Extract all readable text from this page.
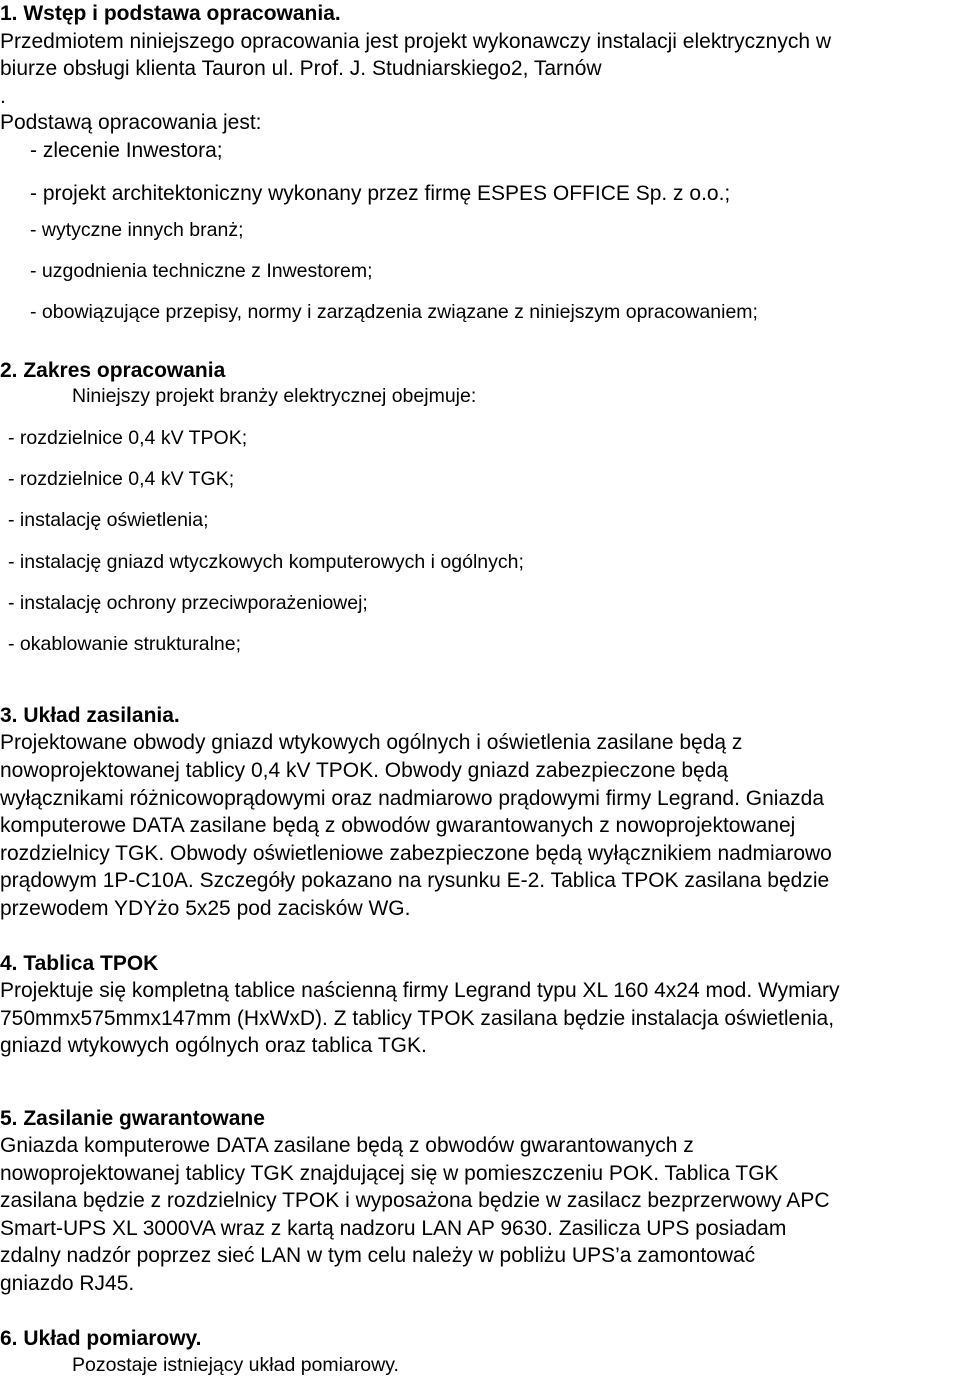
1. Wstęp i podstawa opracowania.
Przedmiotem niniejszego opracowania jest projekt wykonawczy instalacji elektrycznych w
biurze obsługi klienta Tauron ul. Prof. J. Studniarskiego2, Tarnów
.
Podstawą opracowania jest:
- zlecenie Inwestora;
- projekt architektoniczny wykonany przez firmę ESPES OFFICE Sp. z o.o.;
- wytyczne innych branż;
- uzgodnienia techniczne z Inwestorem;
- obowiązujące przepisy, normy i zarządzenia związane z niniejszym opracowaniem;
2. Zakres opracowania
Niniejszy projekt branży elektrycznej obejmuje:
- rozdzielnice 0,4 kV TPOK;
- rozdzielnice 0,4 kV TGK;
- instalację oświetlenia;
- instalację gniazd wtyczkowych komputerowych i ogólnych;
- instalację ochrony przeciwporażeniowej;
- okablowanie strukturalne;
3. Układ zasilania.
Projektowane obwody gniazd wtykowych ogólnych i oświetlenia zasilane będą z
nowoprojektowanej tablicy 0,4 kV TPOK. Obwody gniazd zabezpieczone będą
wyłącznikami różnicowoprądowymi oraz nadmiarowo prądowymi firmy Legrand. Gniazda
komputerowe DATA zasilane będą z obwodów gwarantowanych z nowoprojektowanej
rozdzielnicy TGK. Obwody oświetleniowe zabezpieczone będą wyłącznikiem nadmiarowo
prądowym 1P-C10A. Szczegóły pokazano na rysunku E-2. Tablica TPOK zasilana będzie
przewodem YDYżo 5x25 pod zacisków WG.
4. Tablica TPOK
Projektuje się kompletną tablice naścienną firmy Legrand typu XL 160 4x24 mod. Wymiary
750mmx575mmx147mm (HxWxD). Z tablicy TPOK zasilana będzie instalacja oświetlenia,
gniazd wtykowych ogólnych oraz tablica TGK.
5. Zasilanie gwarantowane
Gniazda komputerowe DATA zasilane będą z obwodów gwarantowanych z
nowoprojektowanej tablicy TGK znajdującej się w pomieszczeniu POK. Tablica TGK
zasilana będzie z rozdzielnicy TPOK i wyposażona będzie w zasilacz bezprzerwowy APC
Smart-UPS XL 3000VA wraz z kartą nadzoru LAN AP 9630. Zasilicza UPS posiadam
zdalny nadzór poprzez sieć LAN w tym celu należy w pobliżu UPS’a zamontować
gniazdo RJ45.
6. Układ pomiarowy.
Pozostaje istniejący układ pomiarowy.
